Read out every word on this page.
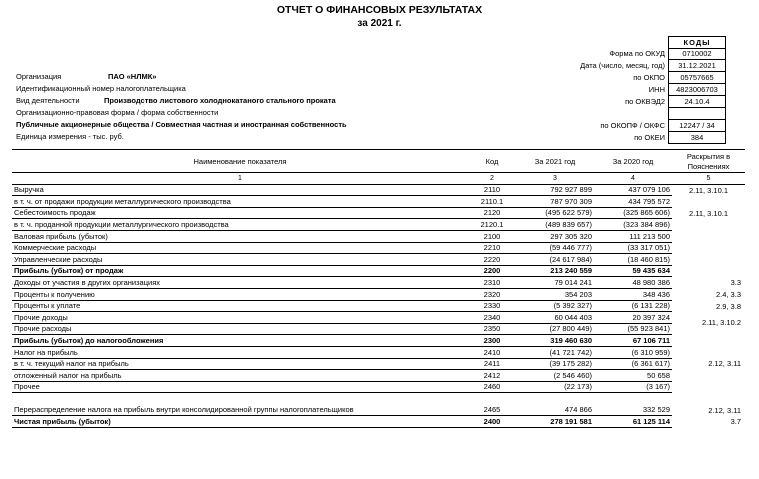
ОТЧЕТ О ФИНАНСОВЫХ РЕЗУЛЬТАТАХ
за 2021 г.
КОДЫ
Форма по ОКУД	0710002
Дата (число, месяц, год)	31.12.2021
по ОКПО	05757665
ИНН	4823006703
по ОКВЭД2	24.10.4
по ОКОПФ / ОКФС	12247 / 34
по ОКЕИ	384
Организация	ПАО «НЛМК»
Идентификационный номер налогоплательщика
Вид деятельности	Производство листового холоднокатаного стального проката
Организационно-правовая форма / форма собственности
Публичные акционерные общества / Совместная частная и иностранная собственность
Единица измерения - тыс. руб.
Наименование показателя	Код	За 2021 год	За 2020 год	Раскрытия в Пояснениях
1	2	3	4	5
Выручка	2110	792 927 899	437 079 106	2.11, 3.10.1
в т. ч. от продажи продукции металлургического производства	2110.1	787 970 309	434 795 572	
Себестоимость продаж	2120	(495 622 579)	(325 865 606)	2.11, 3.10.1
в т. ч. проданной продукции металлургического производства	2120.1	(489 839 657)	(323 384 896)	
Валовая прибыль (убыток)	2100	297 305 320	111 213 500	
Коммерческие расходы	2210	(59 446 777)	(33 317 051)	
Управленческие расходы	2220	(24 617 984)	(18 460 815)	
Прибыль (убыток) от продаж	2200	213 240 559	59 435 634	
Доходы от участия в других организациях	2310	79 014 241	48 980 386	3.3
Проценты к получению	2320	354 203	348 436	2.4, 3.3
Проценты к уплате	2330	(5 392 327)	(6 131 228)	2.9, 3.8
Прочие доходы	2340	60 044 403	20 397 324	2.11, 3.10.2
Прочие расходы	2350	(27 800 449)	(55 923 841)	
Прибыль (убыток) до налогообложения	2300	319 460 630	67 106 711	
Налог на прибыль	2410	(41 721 742)	(6 310 959)	2.12, 3.11
в т. ч. текущий налог на прибыль	2411	(39 175 282)	(6 361 617)	
отложенный налог на прибыль	2412	(2 546 460)	50 658	
Прочее	2460	(22 173)	(3 167)	
Перераспределение налога на прибыль внутри консолидированной группы налогоплательщиков	2465	474 866	332 529	2.12, 3.11
Чистая прибыль (убыток)	2400	278 191 581	61 125 114	3.7
